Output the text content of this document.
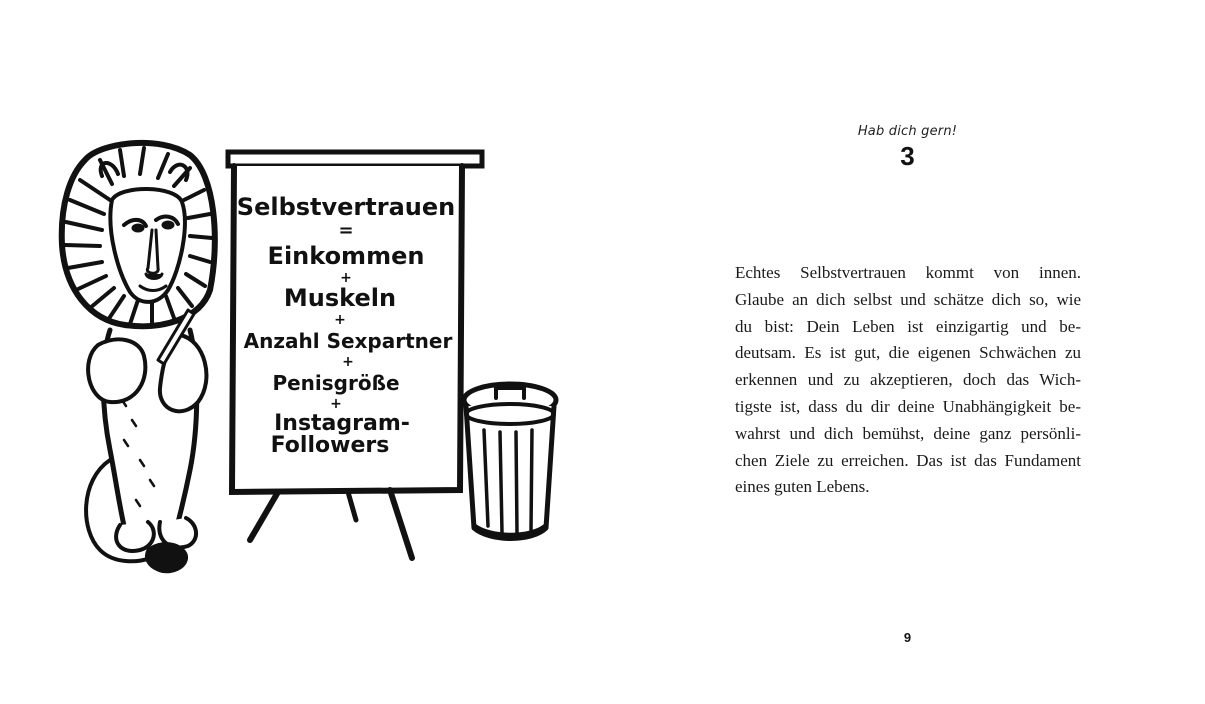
Selbstvertrauen
=
Einkommen
+
Muskeln
+
Anzahl Sexpartner
+
Penisgröße
+
Instagram-
Followers
Hab dich gern!
3
Echtes Selbstvertrauen kommt von innen.
Glaube an dich selbst und schätze dich so, wie
du bist: Dein Leben ist einzigartig und be-
deutsam. Es ist gut, die eigenen Schwächen zu
erkennen und zu akzeptieren, doch das Wich-
tigste ist, dass du dir deine Unabhängigkeit be-
wahrst und dich bemühst, deine ganz persönli-
chen Ziele zu erreichen. Das ist das Fundament
eines guten Lebens.
9
